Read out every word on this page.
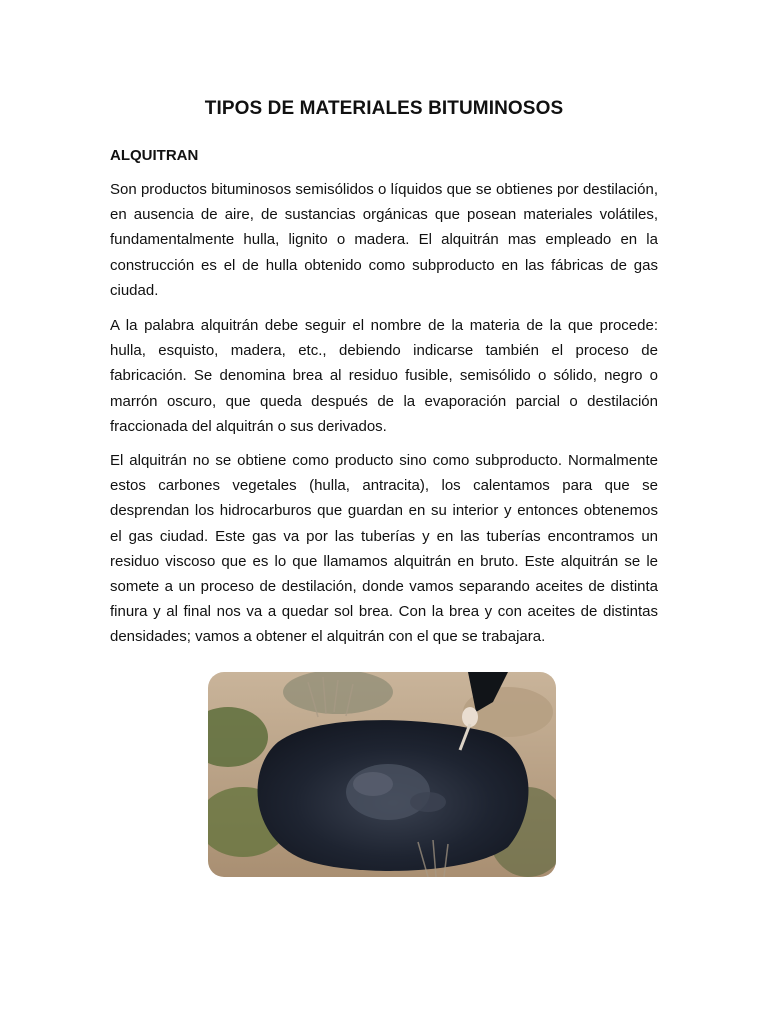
TIPOS DE MATERIALES BITUMINOSOS
ALQUITRAN

Son productos bituminosos semisólidos o líquidos que se obtienes por destilación, en ausencia de aire, de sustancias orgánicas que posean materiales volátiles, fundamentalmente hulla, lignito o madera. El alquitrán mas empleado en la construcción es el de hulla obtenido como subproducto en las fábricas de gas ciudad.

A la palabra alquitrán debe seguir el nombre de la materia de la que procede: hulla, esquisto, madera, etc., debiendo indicarse también el proceso de fabricación. Se denomina brea al residuo fusible, semisólido o sólido, negro o marrón oscuro, que queda después de la evaporación parcial o destilación fraccionada del alquitrán o sus derivados.

El alquitrán no se obtiene como producto sino como subproducto. Normalmente estos carbones vegetales (hulla, antracita), los calentamos para que se desprendan los hidrocarburos que guardan en su interior y entonces obtenemos el gas ciudad. Este gas va por las tuberías y en las tuberías encontramos un residuo viscoso que es lo que llamamos alquitrán en bruto. Este alquitrán se le somete a un proceso de destilación, donde vamos separando aceites de distinta finura y al final nos va a quedar sol brea. Con la brea y con aceites de distintas densidades; vamos a obtener el alquitrán con el que se trabajara.
